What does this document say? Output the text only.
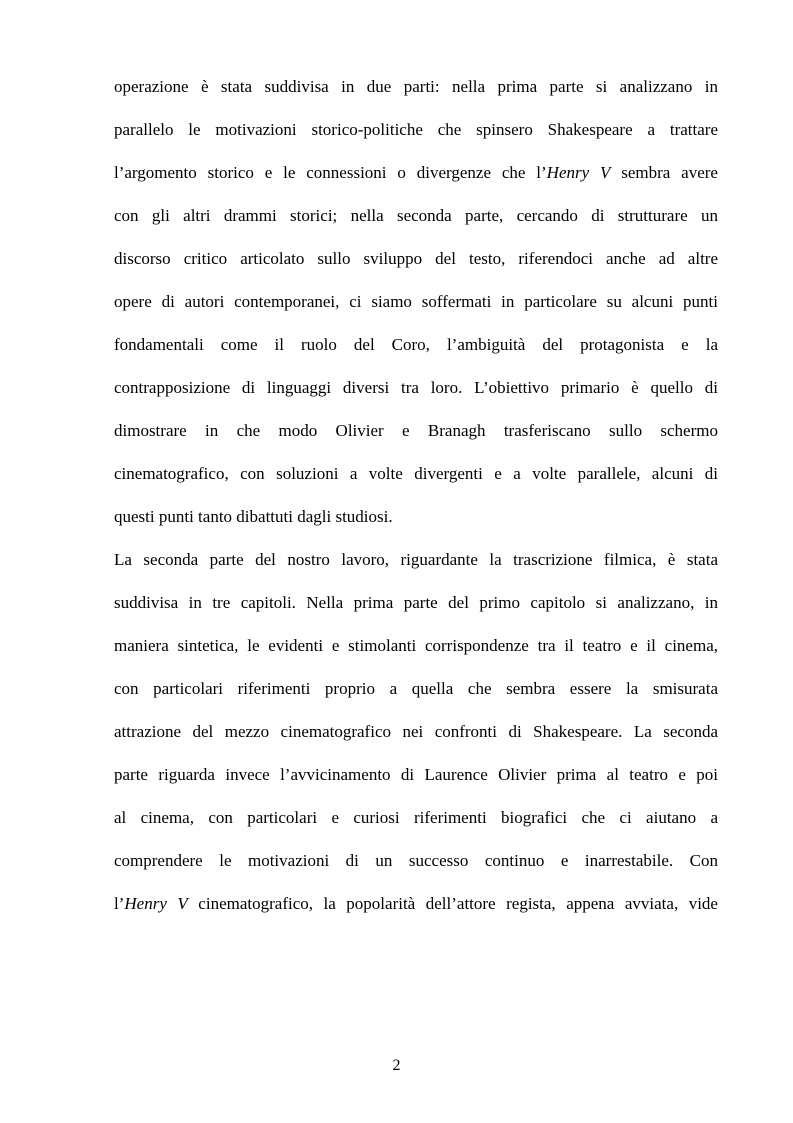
operazione è stata suddivisa in due parti: nella prima parte si analizzano in
parallelo le motivazioni storico-politiche che spinsero Shakespeare a trattare
l’argomento storico e le connessioni o divergenze che l’Henry V sembra avere
con gli altri drammi storici; nella seconda parte, cercando di strutturare un
discorso critico articolato sullo sviluppo del testo, riferendoci anche ad altre
opere di autori contemporanei, ci siamo soffermati in particolare su alcuni punti
fondamentali come il ruolo del Coro, l’ambiguità del protagonista e la
contrapposizione di linguaggi diversi tra loro. L’obiettivo primario è quello di
dimostrare in che modo Olivier e Branagh trasferiscano sullo schermo
cinematografico, con soluzioni a volte divergenti e a volte parallele, alcuni di
questi punti tanto dibattuti dagli studiosi.
La seconda parte del nostro lavoro, riguardante la trascrizione filmica, è stata
suddivisa in tre capitoli. Nella prima parte del primo capitolo si analizzano, in
maniera sintetica, le evidenti e stimolanti corrispondenze tra il teatro e il cinema,
con particolari riferimenti proprio a quella che sembra essere la smisurata
attrazione del mezzo cinematografico nei confronti di Shakespeare. La seconda
parte riguarda invece l’avvicinamento di Laurence Olivier prima al teatro e poi
al cinema, con particolari e curiosi riferimenti biografici che ci aiutano a
comprendere le motivazioni di un successo continuo e inarrestabile. Con
l’Henry V cinematografico, la popolarità dell’attore regista, appena avviata, vide
2
